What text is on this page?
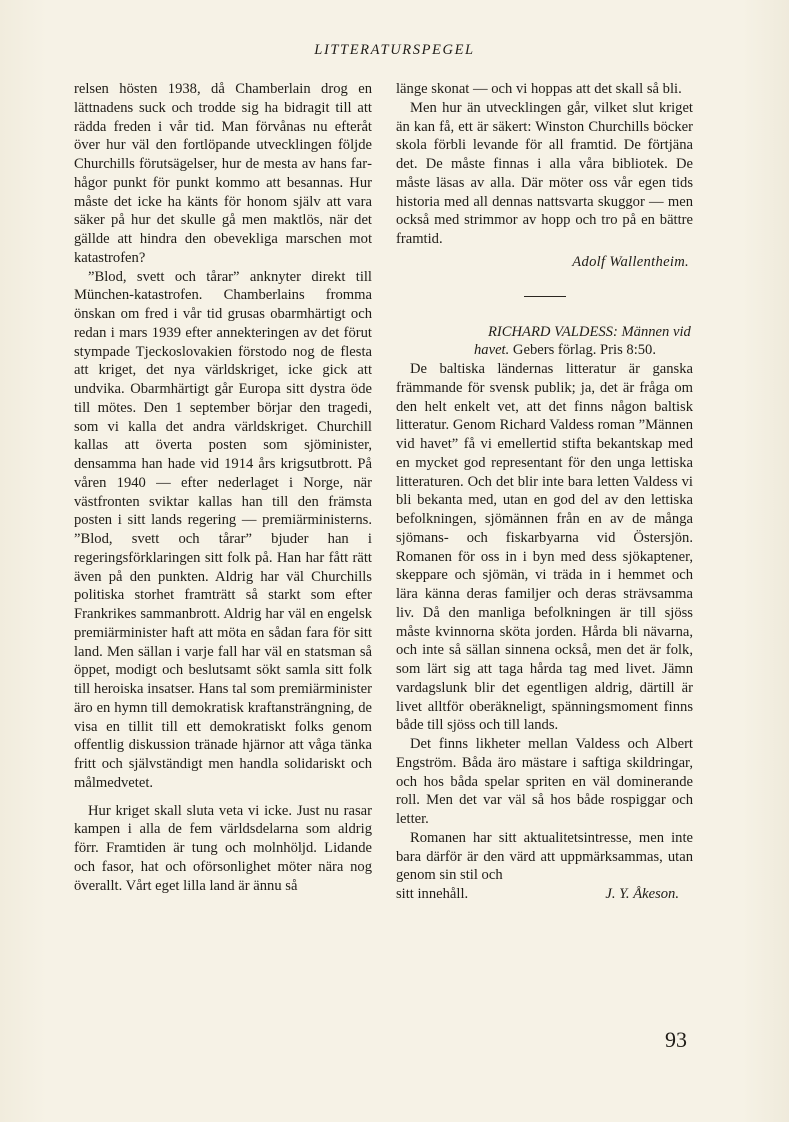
LITTERATURSPEGEL

relsen hösten 1938, då Chamberlain drog en lättnadens suck och trodde sig ha bidragit till att rädda freden i vår tid. Man förvånas nu efteråt över hur väl den fortlöpande utvecklingen följde Churchills förutsägelser, hur de mesta av hans farhågor punkt för punkt kommo att besannas. Hur måste det icke ha känts för honom själv att vara säker på hur det skulle gå men maktlös, när det gällde att hindra den obevekliga marschen mot katastrofen?

”Blod, svett och tårar” anknyter direkt till München-katastrofen. Chamberlains fromma önskan om fred i vår tid grusas obarmhärtigt och redan i mars 1939 efter annekteringen av det förut stympade Tjeckoslovakien förstodo nog de flesta att kriget, det nya världskriget, icke gick att undvika. Obarmhärtigt går Europa sitt dystra öde till mötes. Den 1 september börjar den tragedi, som vi kalla det andra världskriget. Churchill kallas att överta posten som sjöminister, densamma han hade vid 1914 års krigsutbrott. På våren 1940 — efter nederlaget i Norge, när västfronten sviktar kallas han till den främsta posten i sitt lands regering — premiärministerns. ”Blod, svett och tårar” bjuder han i regeringsförklaringen sitt folk på. Han har fått rätt även på den punkten. Aldrig har väl Churchills politiska storhet framträtt så starkt som efter Frankrikes sammanbrott. Aldrig har väl en engelsk premiärminister haft att möta en sådan fara för sitt land. Men sällan i varje fall har väl en statsman så öppet, modigt och beslutsamt sökt samla sitt folk till heroiska insatser. Hans tal som premiärminister äro en hymn till demokratisk kraftansträngning, de visa en tillit till ett demokratiskt folks genom offentlig diskussion tränade hjärnor att våga tänka fritt och självständigt men handla solidariskt och målmedvetet.

Hur kriget skall sluta veta vi icke. Just nu rasar kampen i alla de fem världsdelarna som aldrig förr. Framtiden är tung och molnhöljd. Lidande och fasor, hat och oförsonlighet möter nära nog överallt. Vårt eget lilla land är ännu så

länge skonat — och vi hoppas att det skall så bli.

Men hur än utvecklingen går, vilket slut kriget än kan få, ett är säkert: Winston Churchills böcker skola förbli levande för all framtid. De förtjäna det. De måste finnas i alla våra bibliotek. De måste läsas av alla. Där möter oss vår egen tids historia med all dennas nattsvarta skuggor — men också med strimmor av hopp och tro på en bättre framtid.

Adolf Wallentheim.

RICHARD VALDESS: Männen vid havet. Gebers förlag. Pris 8:50.

De baltiska ländernas litteratur är ganska främmande för svensk publik; ja, det är fråga om den helt enkelt vet, att det finns någon baltisk litteratur. Genom Richard Valdess roman ”Männen vid havet” få vi emellertid stifta bekantskap med en mycket god representant för den unga lettiska litteraturen. Och det blir inte bara letten Valdess vi bli bekanta med, utan en god del av den lettiska befolkningen, sjömännen från en av de många sjömans- och fiskarbyarna vid Östersjön. Romanen för oss in i byn med dess sjökaptener, skeppare och sjömän, vi träda in i hemmet och lära känna deras familjer och deras strävsamma liv. Då den manliga befolkningen är till sjöss måste kvinnorna sköta jorden. Hårda bli nävarna, och inte så sällan sinnena också, men det är folk, som lärt sig att taga hårda tag med livet. Jämn vardagslunk blir det egentligen aldrig, därtill är livet alltför oberäkneligt, spänningsmoment finns både till sjöss och till lands.

Det finns likheter mellan Valdess och Albert Engström. Båda äro mästare i saftiga skildringar, och hos båda spelar spriten en väl dominerande roll. Men det var väl så hos både rospiggar och letter.

Romanen har sitt aktualitetsintresse, men inte bara därför är den värd att uppmärksammas, utan genom sin stil och

sitt innehåll.	J. Y. Åkeson.
93
